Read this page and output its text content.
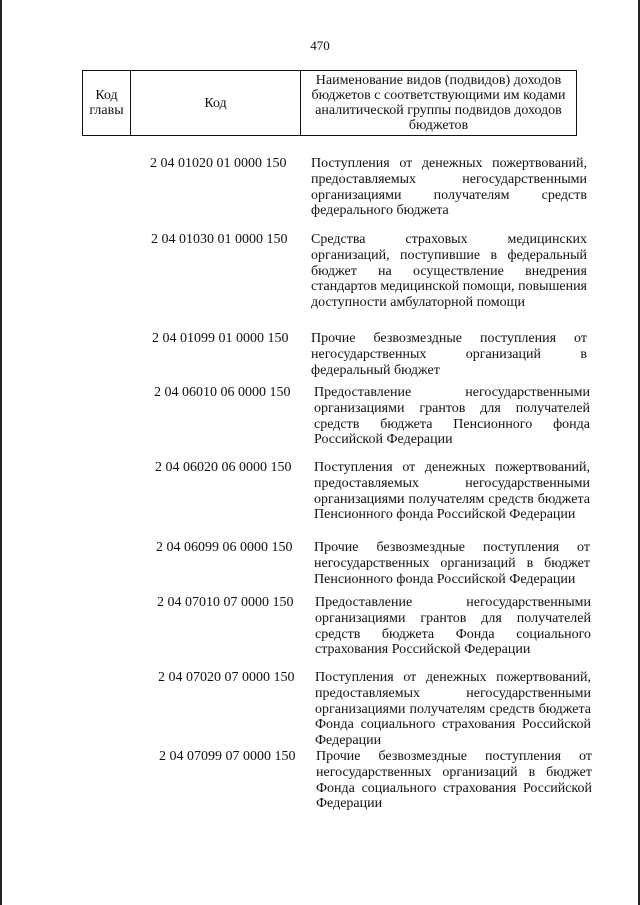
470
Код главы	Код	Наименование видов (подвидов) доходов бюджетов с соответствующими им кодами аналитической группы подвидов доходов бюджетов
2 04 01020 01 0000 150 Поступления от денежных пожертвований, предоставляемых негосударственными организациями получателям средств федерального бюджета
2 04 01030 01 0000 150 Средства страховых медицинских организаций, поступившие в федеральный бюджет на осуществление внедрения стандартов медицинской помощи, повышения доступности амбулаторной помощи
2 04 01099 01 0000 150 Прочие безвозмездные поступления от негосударственных организаций в федеральный бюджет
2 04 06010 06 0000 150 Предоставление негосударственными организациями грантов для получателей средств бюджета Пенсионного фонда Российской Федерации
2 04 06020 06 0000 150 Поступления от денежных пожертвований, предоставляемых негосударственными организациями получателям средств бюджета Пенсионного фонда Российской Федерации
2 04 06099 06 0000 150 Прочие безвозмездные поступления от негосударственных организаций в бюджет Пенсионного фонда Российской Федерации
2 04 07010 07 0000 150 Предоставление негосударственными организациями грантов для получателей средств бюджета Фонда социального страхования Российской Федерации
2 04 07020 07 0000 150 Поступления от денежных пожертвований, предоставляемых негосударственными организациями получателям средств бюджета Фонда социального страхования Российской Федерации
2 04 07099 07 0000 150 Прочие безвозмездные поступления от негосударственных организаций в бюджет Фонда социального страхования Российской Федерации
